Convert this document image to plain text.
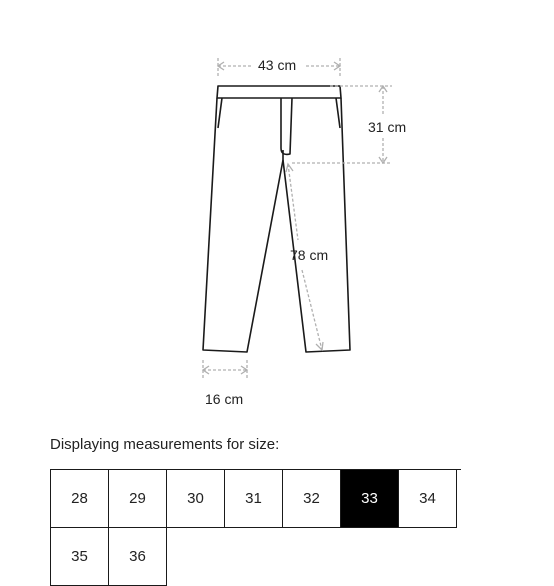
43 cm
31 cm
78 cm
16 cm
Displaying measurements for size:
28	29	30	31	32	33	34
35	36
